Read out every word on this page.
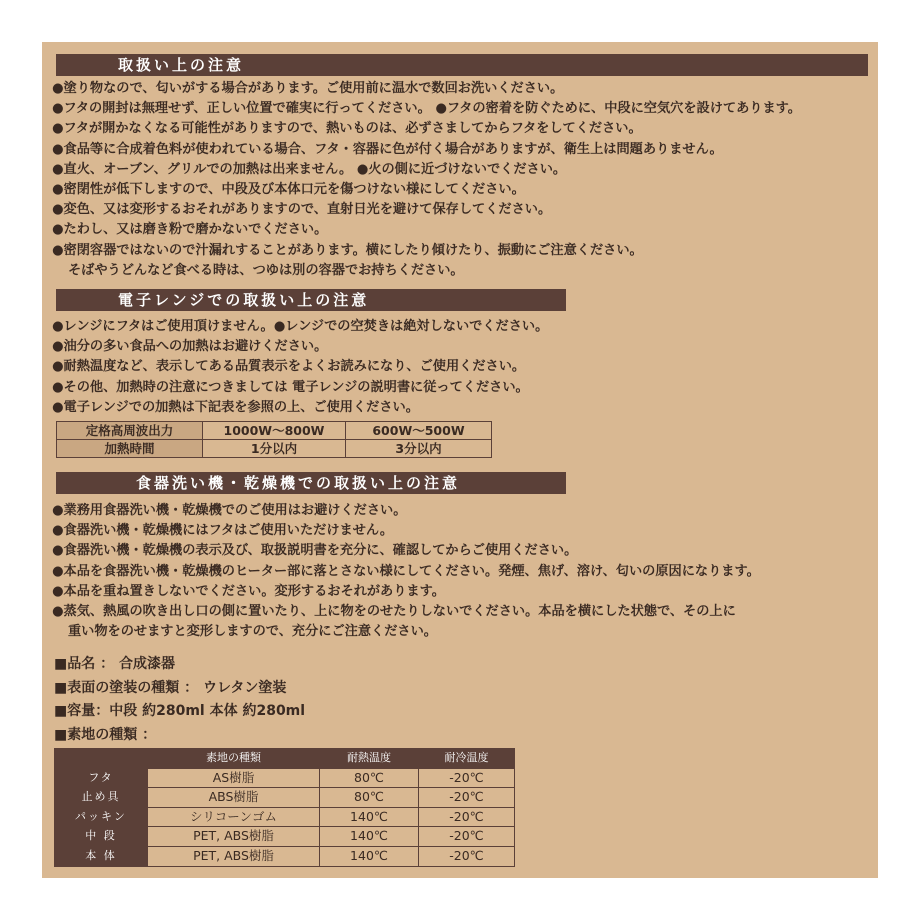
取扱い上の注意
●塗り物なので、匂いがする場合があります。ご使用前に温水で数回お洗いください。
●フタの開封は無理せず、正しい位置で確実に行ってください。 ●フタの密着を防ぐために、中段に空気穴を設けてあります。
●フタが開かなくなる可能性がありますので、熱いものは、必ずさましてからフタをしてください。
●食品等に合成着色料が使われている場合、フタ・容器に色が付く場合がありますが、衛生上は問題ありません。
●直火、オーブン、グリルでの加熱は出来ません。 ●火の側に近づけないでください。
●密閉性が低下しますので、中段及び本体口元を傷つけない様にしてください。
●変色、又は変形するおそれがありますので、直射日光を避けて保存してください。
●たわし、又は磨き粉で磨かないでください。
●密閉容器ではないので汁漏れすることがあります。横にしたり傾けたり、振動にご注意ください。
そばやうどんなど食べる時は、つゆは別の容器でお持ちください。
電子レンジでの取扱い上の注意
●レンジにフタはご使用頂けません。●レンジでの空焚きは絶対しないでください。
●油分の多い食品への加熱はお避けください。
●耐熱温度など、表示してある品質表示をよくお読みになり、ご使用ください。
●その他、加熱時の注意につきましては 電子レンジの説明書に従ってください。
●電子レンジでの加熱は下記表を参照の上、ご使用ください。
定格高周波出力	1000W～800W	600W～500W
加熱時間	1分以内	3分以内
食器洗い機・乾燥機での取扱い上の注意
●業務用食器洗い機・乾燥機でのご使用はお避けください。
●食器洗い機・乾燥機にはフタはご使用いただけません。
●食器洗い機・乾燥機の表示及び、取扱説明書を充分に、確認してからご使用ください。
●本品を食器洗い機・乾燥機のヒーター部に落とさない様にしてください。発煙、焦げ、溶け、匂いの原因になります。
●本品を重ね置きしないでください。変形するおそれがあります。
●蒸気、熱風の吹き出し口の側に置いたり、上に物をのせたりしないでください。本品を横にした状態で、その上に
重い物をのせますと変形しますので、充分にご注意ください。
■品名 ： 合成漆器
■表面の塗装の種類 ： ウレタン塗装
■容量：中段 約280ml 本体 約280ml
■素地の種類 ：
	素地の種類	耐熱温度	耐冷温度
フタ	AS樹脂	80℃	-20℃
止め具	ABS樹脂	80℃	-20℃
パッキン	シリコーンゴム	140℃	-20℃
中 段	PET, ABS樹脂	140℃	-20℃
本 体	PET, ABS樹脂	140℃	-20℃
